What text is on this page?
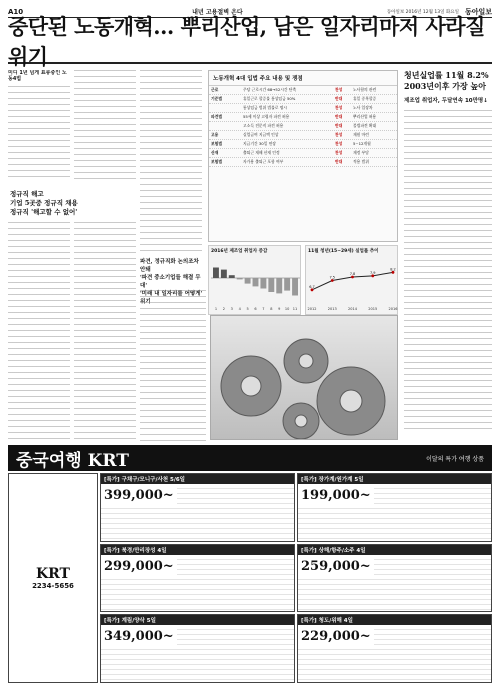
A10	내년 고용절벽 온다	동아일보 2016년 12월 13일 화요일 동아일보
중단된 노동개혁… 뿌리산업, 남은 일자리마저 사라질 위기

미디 1년 넘게 표류중인 노동4법

정규직 해고
기업 5곳중 정규직 채용
정규직 '해고할 수 없어'
파견, 정규직화 논의조차 안돼
'파견 중소기업들 해결 무대'
'미래 내 일자리를 어떻게' 위기
노동개혁 4대 입법 주요 내용 및 쟁점
근로	주당 근로시간 68→52시간 단축	찬성	노사합의 관련
기준법	휴일근로 할증률 통상임금 50%	반대	휴일 중복할증
통상임금 범위 법률로 명시	찬성	노사 입장차
파견법	55세 이상 고령자 파견 허용	반대	뿌리산업 허용
고소득 전문직 파견 허용	반대	불법파견 확대
고용	실업급여 지급액 인상	찬성	재원 마련
보험법	지급기간 30일 연장	찬성	5~12개월
산재	출퇴근 재해 산재 인정	찬성	재정 부담
보험법	자가용 출퇴근 포함 여부	반대	적용 범위
2016년 제조업 취업자 증감
1 2 3 4 5 6 7 8 9 10 11
11월 청년(15~29세) 실업률 추이
6.7
2012
7.5
2013
7.8
2014
7.9
2015
8.2
2016
청년실업률 11월 8.2% 2003년이후 가장 높아
제조업 취업자, 두달연속 10만명↓
중국여행 KRT	이달의 특가 여행 상품
KRT
2234-5656
[특가] 구채구/모니구/사천 5/6일
399,000~
[특가] 장가계/원가계 5일
199,000~
[특가] 북경/만리장성 4일
299,000~
[특가] 상해/항주/소주 4일
259,000~
[특가] 계림/양삭 5일
349,000~
[특가] 청도/위해 4일
229,000~
